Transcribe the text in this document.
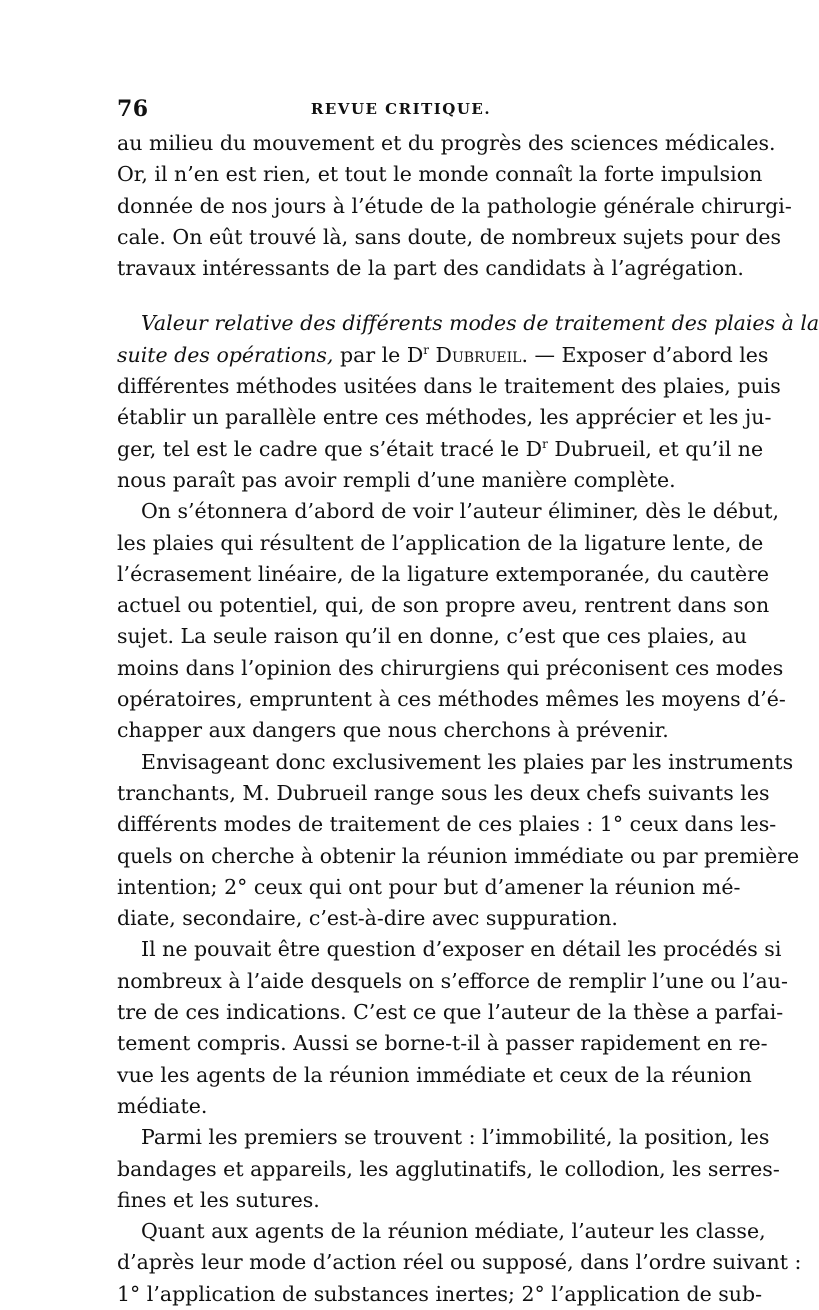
76	REVUE CRITIQUE.
au milieu du mouvement et du progrès des sciences médicales.
Or, il n’en est rien, et tout le monde connaît la forte impulsion
donnée de nos jours à l’étude de la pathologie générale chirurgi-
cale. On eût trouvé là, sans doute, de nombreux sujets pour des
travaux intéressants de la part des candidats à l’agrégation.
Valeur relative des différents modes de traitement des plaies à la
suite des opérations, par le $D^r$ Dubrueil. — Exposer d’abord les
différentes méthodes usitées dans le traitement des plaies, puis
établir un parallèle entre ces méthodes, les apprécier et les ju-
ger, tel est le cadre que s’était tracé le $D^r$ Dubrueil, et qu’il ne
nous paraît pas avoir rempli d’une manière complète.
On s’étonnera d’abord de voir l’auteur éliminer, dès le début,
les plaies qui résultent de l’application de la ligature lente, de
l’écrasement linéaire, de la ligature extemporanée, du cautère
actuel ou potentiel, qui, de son propre aveu, rentrent dans son
sujet. La seule raison qu’il en donne, c’est que ces plaies, au
moins dans l’opinion des chirurgiens qui préconisent ces modes
opératoires, empruntent à ces méthodes mêmes les moyens d’é-
chapper aux dangers que nous cherchons à prévenir.
Envisageant donc exclusivement les plaies par les instruments
tranchants, M. Dubrueil range sous les deux chefs suivants les
différents modes de traitement de ces plaies : 1° ceux dans les-
quels on cherche à obtenir la réunion immédiate ou par première
intention; 2° ceux qui ont pour but d’amener la réunion mé-
diate, secondaire, c’est-à-dire avec suppuration.
Il ne pouvait être question d’exposer en détail les procédés si
nombreux à l’aide desquels on s’efforce de remplir l’une ou l’au-
tre de ces indications. C’est ce que l’auteur de la thèse a parfai-
tement compris. Aussi se borne-t-il à passer rapidement en re-
vue les agents de la réunion immédiate et ceux de la réunion
médiate.
Parmi les premiers se trouvent : l’immobilité, la position, les
bandages et appareils, les agglutinatifs, le collodion, les serres-
fines et les sutures.
Quant aux agents de la réunion médiate, l’auteur les classe,
d’après leur mode d’action réel ou supposé, dans l’ordre suivant :
1° l’application de substances inertes; 2° l’application de sub-
